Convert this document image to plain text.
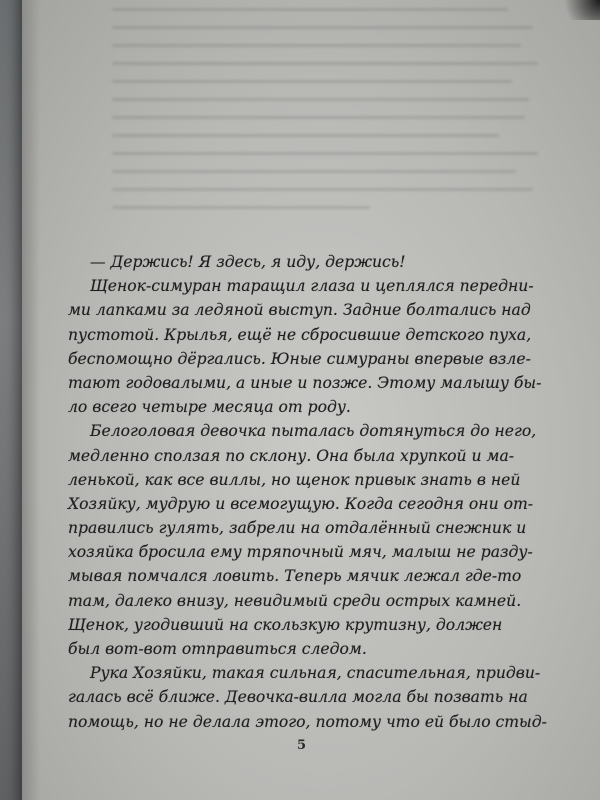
— Держись! Я здесь, я иду, держись!
Щенок-симуран таращил глаза и цеплялся передни-
ми лапками за ледяной выступ. Задние болтались над
пустотой. Крылья, ещё не сбросившие детского пуха,
беспомощно дёргались. Юные симураны впервые взле-
тают годовалыми, а иные и позже. Этому малышу бы-
ло всего четыре месяца от роду.
Белоголовая девочка пыталась дотянуться до него,
медленно сползая по склону. Она была хрупкой и ма-
ленькой, как все виллы, но щенок привык знать в ней
Хозяйку, мудрую и всемогущую. Когда сегодня они от-
правились гулять, забрели на отдалённый снежник и
хозяйка бросила ему тряпочный мяч, малыш не разду-
мывая помчался ловить. Теперь мячик лежал где-то
там, далеко внизу, невидимый среди острых камней.
Щенок, угодивший на скользкую крутизну, должен
был вот-вот отправиться следом.
Рука Хозяйки, такая сильная, спасительная, придви-
галась всё ближе. Девочка-вилла могла бы позвать на
помощь, но не делала этого, потому что ей было стыд-
5
